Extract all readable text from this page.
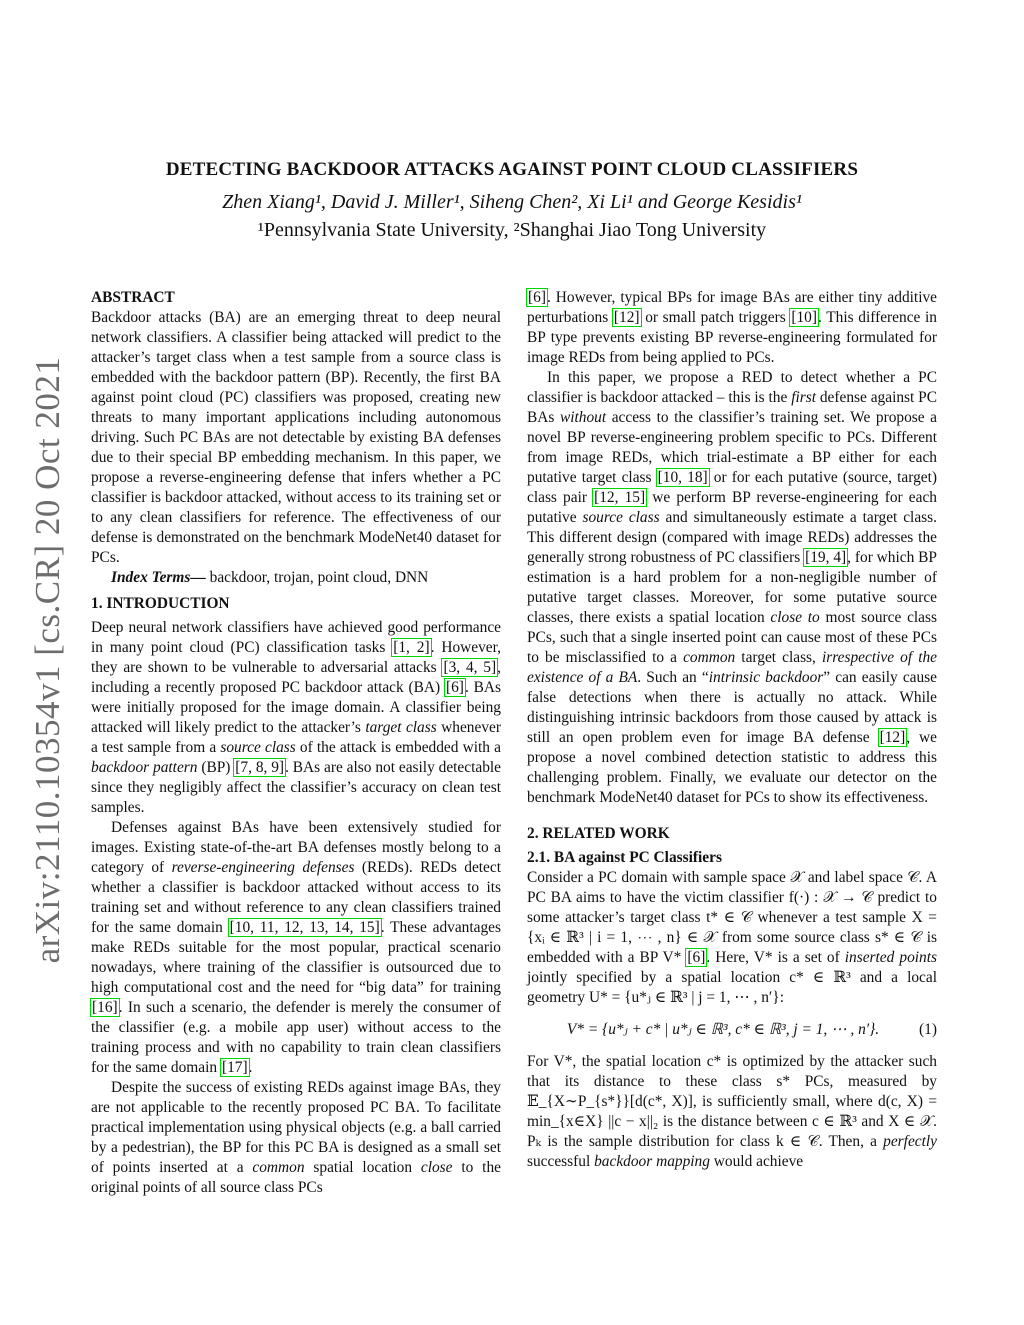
arXiv:2110.10354v1 [cs.CR] 20 Oct 2021
DETECTING BACKDOOR ATTACKS AGAINST POINT CLOUD CLASSIFIERS
Zhen Xiang¹, David J. Miller¹, Siheng Chen², Xi Li¹ and George Kesidis¹
¹Pennsylvania State University, ²Shanghai Jiao Tong University

ABSTRACT

Backdoor attacks (BA) are an emerging threat to deep neural network classifiers. A classifier being attacked will predict to the attacker’s target class when a test sample from a source class is embedded with the backdoor pattern (BP). Recently, the first BA against point cloud (PC) classifiers was proposed, creating new threats to many important applications including autonomous driving. Such PC BAs are not detectable by existing BA defenses due to their special BP embedding mechanism. In this paper, we propose a reverse-engineering defense that infers whether a PC classifier is backdoor attacked, without access to its training set or to any clean classifiers for reference. The effectiveness of our defense is demonstrated on the benchmark ModeNet40 dataset for PCs.

Index Terms— backdoor, trojan, point cloud, DNN

1. INTRODUCTION

Deep neural network classifiers have achieved good performance in many point cloud (PC) classification tasks [1, 2]. However, they are shown to be vulnerable to adversarial attacks [3, 4, 5], including a recently proposed PC backdoor attack (BA) [6]. BAs were initially proposed for the image domain. A classifier being attacked will likely predict to the attacker’s target class whenever a test sample from a source class of the attack is embedded with a backdoor pattern (BP) [7, 8, 9]. BAs are also not easily detectable since they negligibly affect the classifier’s accuracy on clean test samples.

Defenses against BAs have been extensively studied for images. Existing state-of-the-art BA defenses mostly belong to a category of reverse-engineering defenses (REDs). REDs detect whether a classifier is backdoor attacked without access to its training set and without reference to any clean classifiers trained for the same domain [10, 11, 12, 13, 14, 15]. These advantages make REDs suitable for the most popular, practical scenario nowadays, where training of the classifier is outsourced due to high computational cost and the need for “big data” for training [16]. In such a scenario, the defender is merely the consumer of the classifier (e.g. a mobile app user) without access to the training process and with no capability to train clean classifiers for the same domain [17].

Despite the success of existing REDs against image BAs, they are not applicable to the recently proposed PC BA. To facilitate practical implementation using physical objects (e.g. a ball carried by a pedestrian), the BP for this PC BA is designed as a small set of points inserted at a common spatial location close to the original points of all source class PCs

[6]. However, typical BPs for image BAs are either tiny additive perturbations [12] or small patch triggers [10]. This difference in BP type prevents existing BP reverse-engineering formulated for image REDs from being applied to PCs.

In this paper, we propose a RED to detect whether a PC classifier is backdoor attacked – this is the first defense against PC BAs without access to the classifier’s training set. We propose a novel BP reverse-engineering problem specific to PCs. Different from image REDs, which trial-estimate a BP either for each putative target class [10, 18] or for each putative (source, target) class pair [12, 15] we perform BP reverse-engineering for each putative source class and simultaneously estimate a target class. This different design (compared with image REDs) addresses the generally strong robustness of PC classifiers [19, 4], for which BP estimation is a hard problem for a non-negligible number of putative target classes. Moreover, for some putative source classes, there exists a spatial location close to most source class PCs, such that a single inserted point can cause most of these PCs to be misclassified to a common target class, irrespective of the existence of a BA. Such an “intrinsic backdoor” can easily cause false detections when there is actually no attack. While distinguishing intrinsic backdoors from those caused by attack is still an open problem even for image BA defense [12], we propose a novel combined detection statistic to address this challenging problem. Finally, we evaluate our detector on the benchmark ModeNet40 dataset for PCs to show its effectiveness.

2. RELATED WORK

2.1. BA against PC Classifiers

Consider a PC domain with sample space 𝒳 and label space 𝒞. A PC BA aims to have the victim classifier f(·) : 𝒳 → 𝒞 predict to some attacker’s target class t* ∈ 𝒞 whenever a test sample X = {xᵢ ∈ ℝ³ | i = 1, ⋯ , n} ∈ 𝒳 from some source class s* ∈ 𝒞 is embedded with a BP V* [6]. Here, V* is a set of inserted points jointly specified by a spatial location c* ∈ ℝ³ and a local geometry U* = {u*ⱼ ∈ ℝ³ | j = 1, ⋯ , n′}:

V* = {u*ⱼ + c* | u*ⱼ ∈ ℝ³, c* ∈ ℝ³, j = 1, ⋯ , n′}.	(1)

For V*, the spatial location c* is optimized by the attacker such that its distance to these class s* PCs, measured by 𝔼_{X∼P_{s*}}[d(c*, X)], is sufficiently small, where d(c, X) = min_{x∈X} ||c − x||₂ is the distance between c ∈ ℝ³ and X ∈ 𝒳. Pₖ is the sample distribution for class k ∈ 𝒞. Then, a perfectly successful backdoor mapping would achieve
